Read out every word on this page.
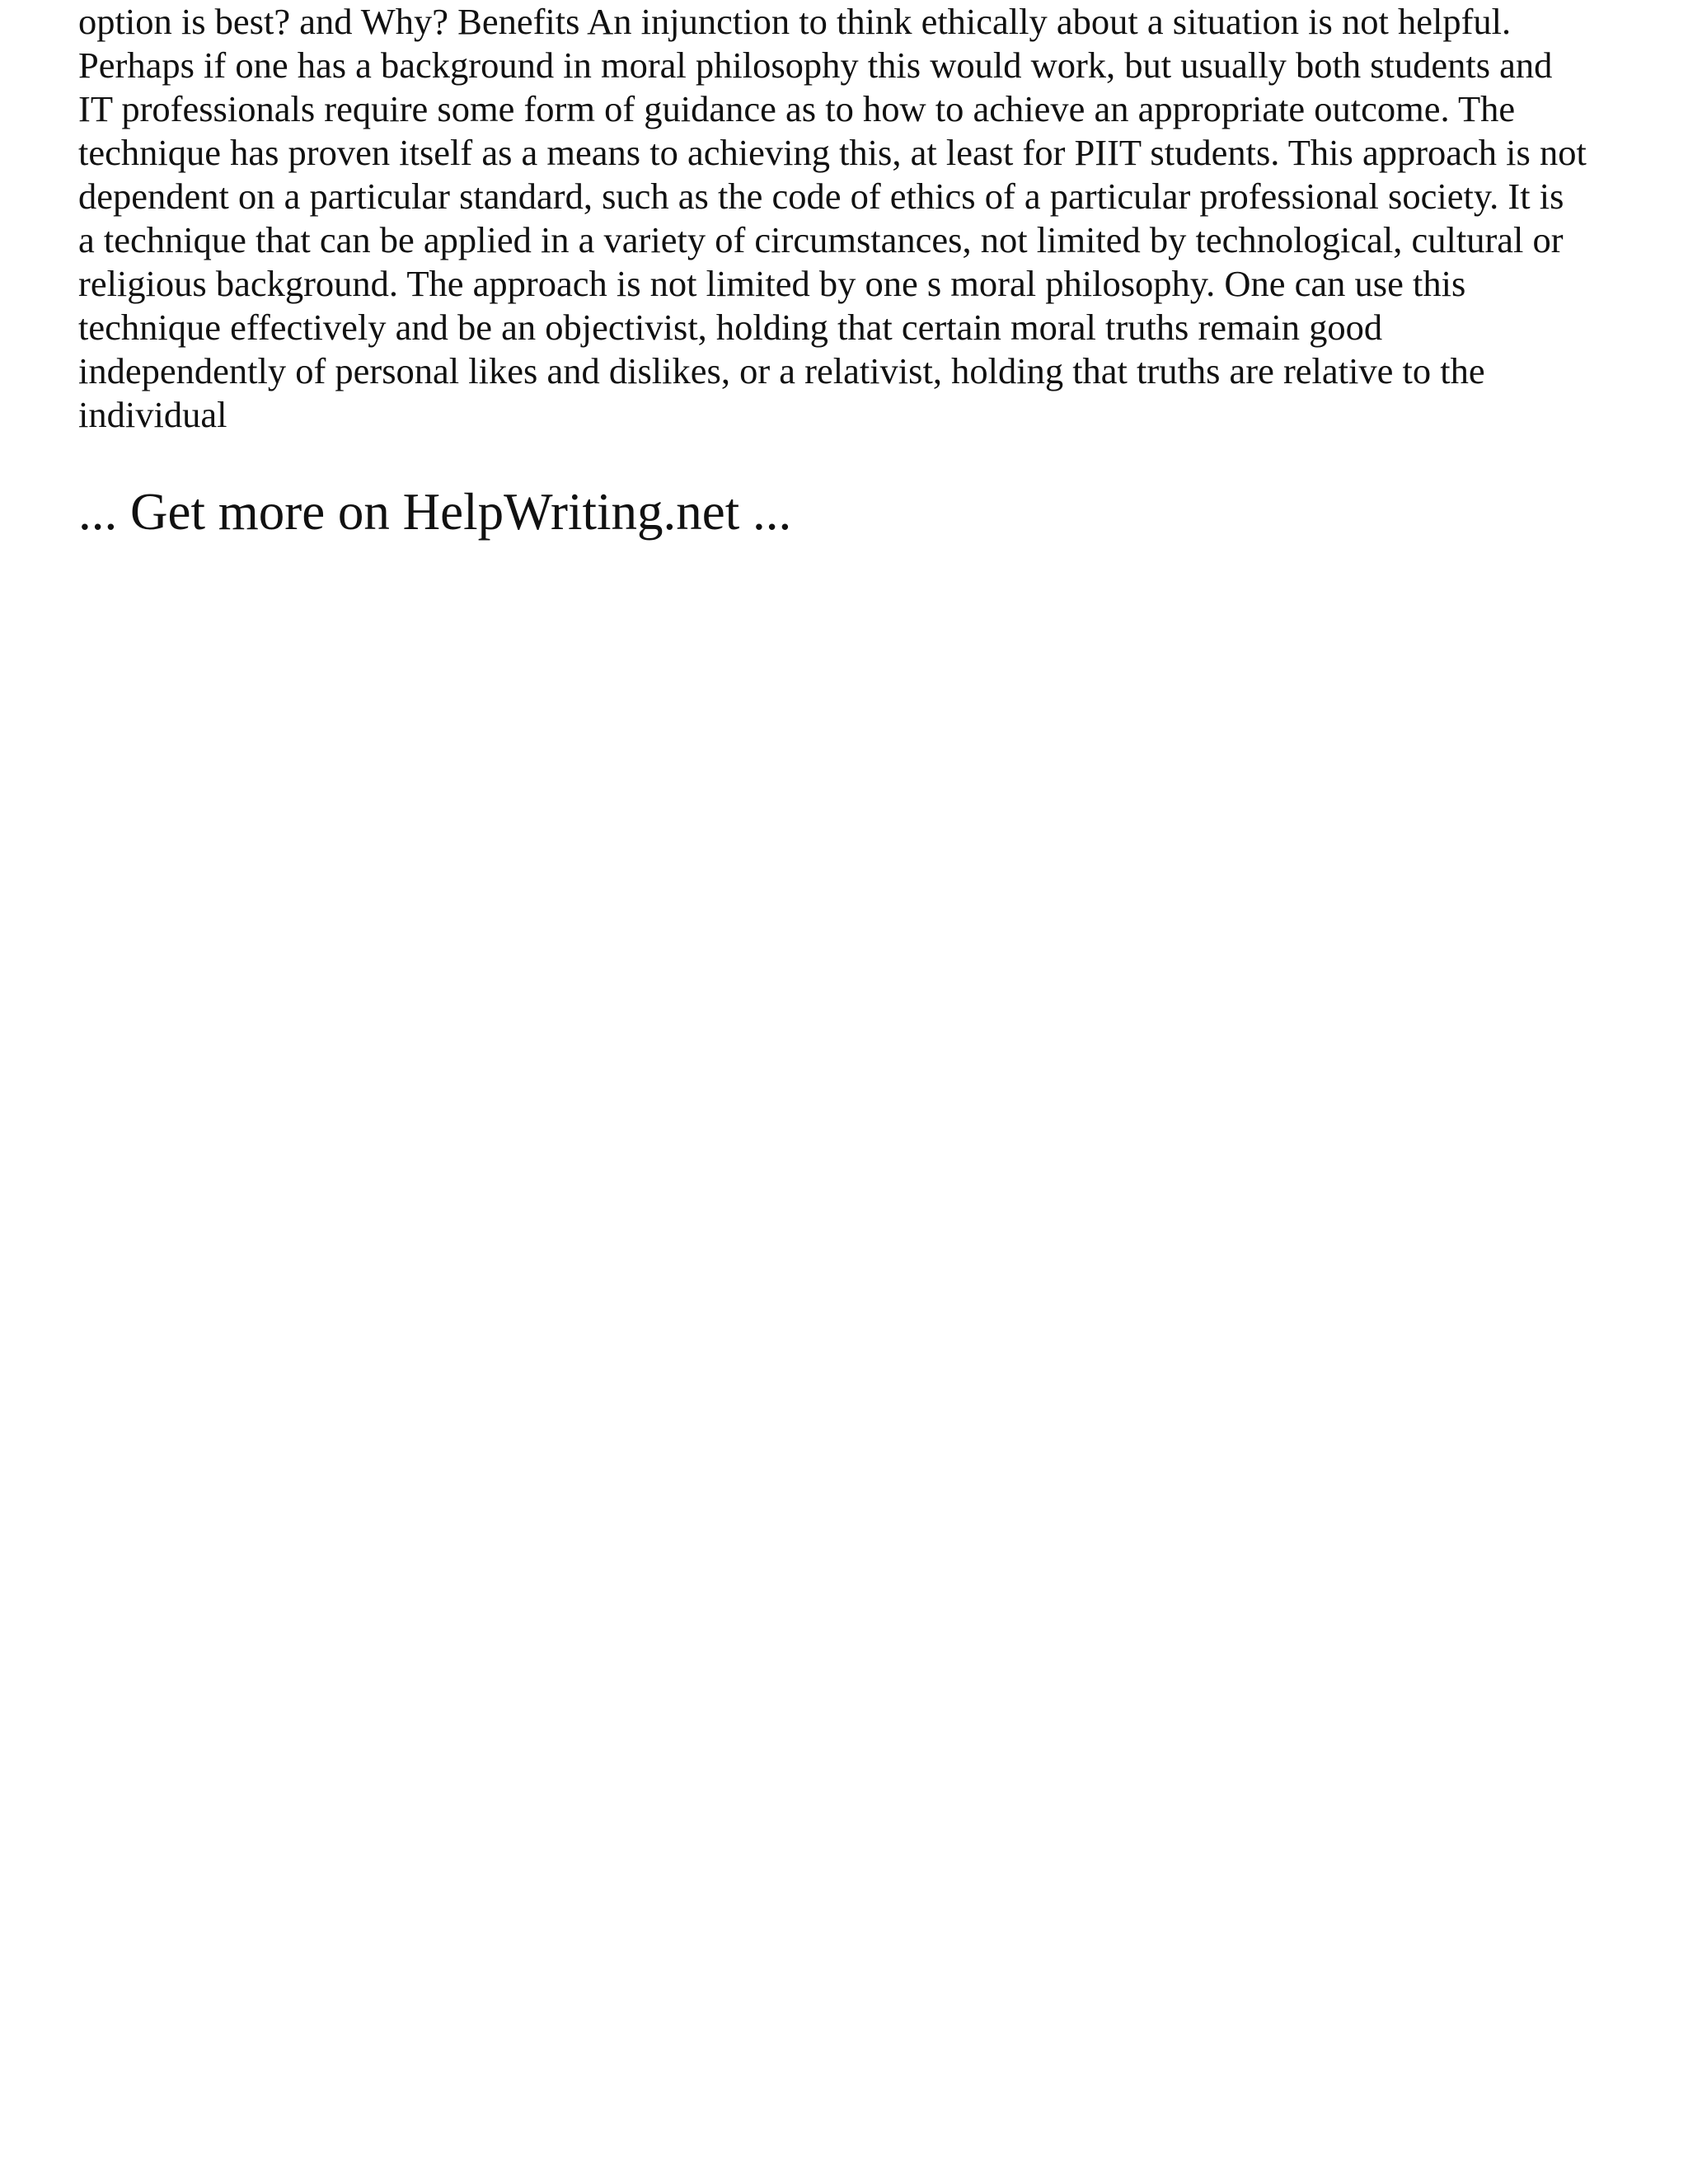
option is best? and Why? Benefits An injunction to think ethically about a situation is not helpful.
Perhaps if one has a background in moral philosophy this would work, but usually both students and
IT professionals require some form of guidance as to how to achieve an appropriate outcome. The
technique has proven itself as a means to achieving this, at least for PIIT students. This approach is not
dependent on a particular standard, such as the code of ethics of a particular professional society. It is
a technique that can be applied in a variety of circumstances, not limited by technological, cultural or
religious background. The approach is not limited by one s moral philosophy. One can use this
technique effectively and be an objectivist, holding that certain moral truths remain good
independently of personal likes and dislikes, or a relativist, holding that truths are relative to the
individual

... Get more on HelpWriting.net ...
